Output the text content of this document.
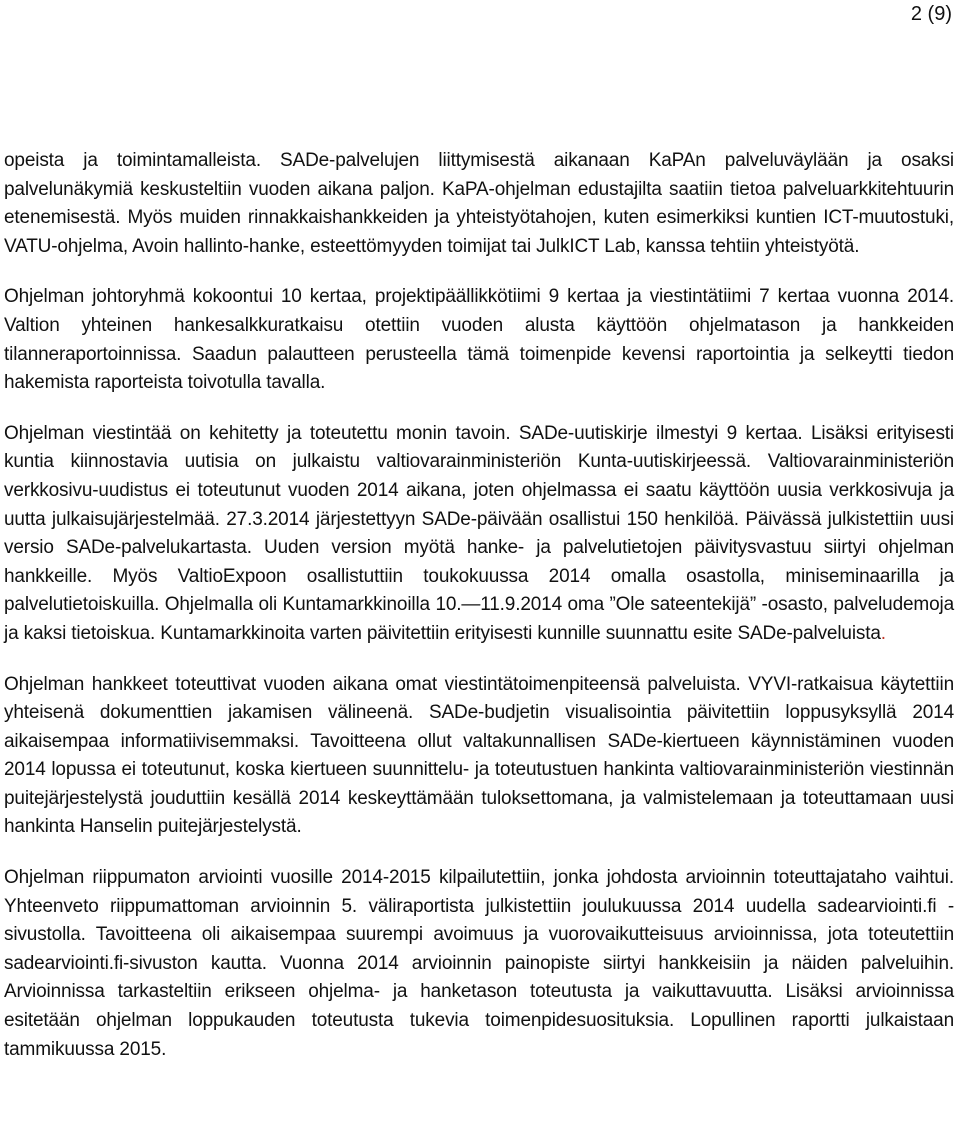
2 (9)

opeista ja toimintamalleista. SADe-palvelujen liittymisestä aikanaan KaPAn palveluväylään ja osaksi palvelunäkymiä keskusteltiin vuoden aikana paljon. KaPA-ohjelman edustajilta saatiin tietoa palveluarkkitehtuurin etenemisestä. Myös muiden rinnakkaishankkeiden ja yhteistyötahojen, kuten esimerkiksi kuntien ICT-muutostuki, VATU-ohjelma, Avoin hallinto-hanke, esteettömyyden toimijat tai JulkICT Lab, kanssa tehtiin yhteistyötä.

Ohjelman johtoryhmä kokoontui 10 kertaa, projektipäällikkötiimi 9 kertaa ja viestintätiimi 7 kertaa vuonna 2014. Valtion yhteinen hankesalkkuratkaisu otettiin vuoden alusta käyttöön ohjelmatason ja hankkeiden tilanneraportoinnissa. Saadun palautteen perusteella tämä toimenpide kevensi raportointia ja selkeytti tiedon hakemista raporteista toivotulla tavalla.

Ohjelman viestintää on kehitetty ja toteutettu monin tavoin. SADe-uutiskirje ilmestyi 9 kertaa. Lisäksi erityisesti kuntia kiinnostavia uutisia on julkaistu valtiovarainministeriön Kunta-uutiskirjeessä. Valtiovarainministeriön verkkosivu-uudistus ei toteutunut vuoden 2014 aikana, joten ohjelmassa ei saatu käyttöön uusia verkkosivuja ja uutta julkaisujärjestelmää. 27.3.2014 järjestettyyn SADe-päivään osallistui 150 henkilöä. Päivässä julkistettiin uusi versio SADe-palvelukartasta. Uuden version myötä hanke- ja palvelutietojen päivitysvastuu siirtyi ohjelman hankkeille. Myös ValtioExpoon osallistuttiin toukokuussa 2014 omalla osastolla, miniseminaarilla ja palvelutietoiskuilla. Ohjelmalla oli Kuntamarkkinoilla 10.—11.9.2014 oma ”Ole sateentekijä” -osasto, palveludemoja ja kaksi tietoiskua. Kuntamarkkinoita varten päivitettiin erityisesti kunnille suunnattu esite SADe-palveluista.

Ohjelman hankkeet toteuttivat vuoden aikana omat viestintätoimenpiteensä palveluista. VYVI-ratkaisua käytettiin yhteisenä dokumenttien jakamisen välineenä. SADe-budjetin visualisointia päivitettiin loppusyksyllä 2014 aikaisempaa informatiivisemmaksi. Tavoitteena ollut valtakunnallisen SADe-kiertueen käynnistäminen vuoden 2014 lopussa ei toteutunut, koska kiertueen suunnittelu- ja toteutustuen hankinta valtiovarainministeriön viestinnän puitejärjestelystä jouduttiin kesällä 2014 keskeyttämään tuloksettomana, ja valmistelemaan ja toteuttamaan uusi hankinta Hanselin puitejärjestelystä.

Ohjelman riippumaton arviointi vuosille 2014-2015 kilpailutettiin, jonka johdosta arvioinnin toteuttajataho vaihtui. Yhteenveto riippumattoman arvioinnin 5. väliraportista julkistettiin joulukuussa 2014 uudella sadearviointi.fi -sivustolla. Tavoitteena oli aikaisempaa suurempi avoimuus ja vuorovaikutteisuus arvioinnissa, jota toteutettiin sadearviointi.fi-sivuston kautta. Vuonna 2014 arvioinnin painopiste siirtyi hankkeisiin ja näiden palveluihin. Arvioinnissa tarkasteltiin erikseen ohjelma- ja hanketason toteutusta ja vaikuttavuutta. Lisäksi arvioinnissa esitetään ohjelman loppukauden toteutusta tukevia toimenpidesuosituksia. Lopullinen raportti julkaistaan tammikuussa 2015.
